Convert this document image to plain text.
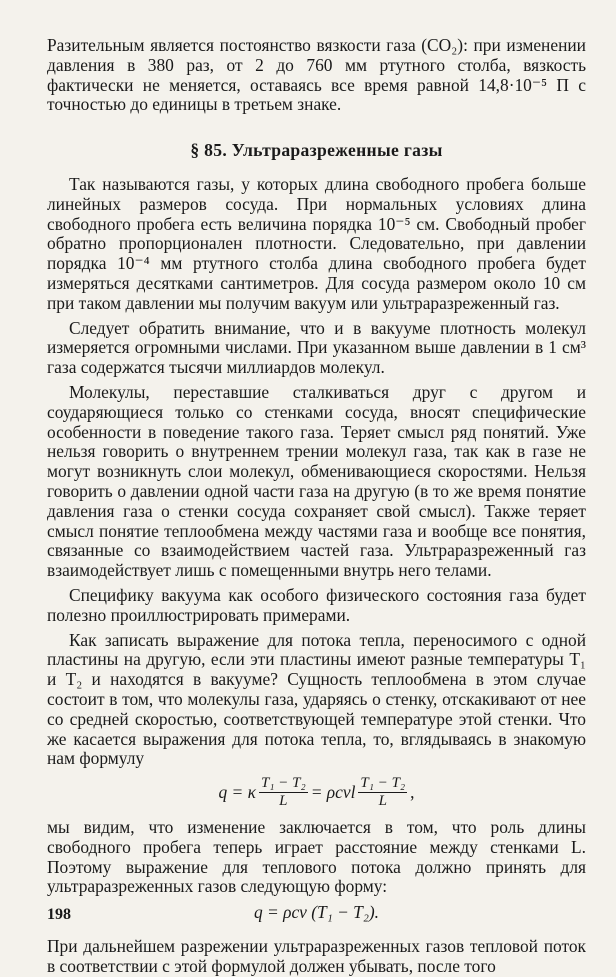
Разительным является постоянство вязкости газа (CO₂): при изменении давления в 380 раз, от 2 до 760 мм ртутного столба, вязкость фактически не меняется, оставаясь все время равной 14,8·10⁻⁵ П с точностью до единицы в третьем знаке.

§ 85. Ультраразреженные газы

Так называются газы, у которых длина свободного пробега больше линейных размеров сосуда. При нормальных условиях длина свободного пробега есть величина порядка 10⁻⁵ см. Свободный пробег обратно пропорционален плотности. Следовательно, при давлении порядка 10⁻⁴ мм ртутного столба длина свободного пробега будет измеряться десятками сантиметров. Для сосуда размером около 10 см при таком давлении мы получим вакуум или ультраразреженный газ.

Следует обратить внимание, что и в вакууме плотность молекул измеряется огромными числами. При указанном выше давлении в 1 см³ газа содержатся тысячи миллиардов молекул.

Молекулы, переставшие сталкиваться друг с другом и соударяющиеся только со стенками сосуда, вносят специфические особенности в поведение такого газа. Теряет смысл ряд понятий. Уже нельзя говорить о внутреннем трении молекул газа, так как в газе не могут возникнуть слои молекул, обменивающиеся скоростями. Нельзя говорить о давлении одной части газа на другую (в то же время понятие давления газа о стенки сосуда сохраняет свой смысл). Также теряет смысл понятие теплообмена между частями газа и вообще все понятия, связанные со взаимодействием частей газа. Ультраразреженный газ взаимодействует лишь с помещенными внутрь него телами.

Специфику вакуума как особого физического состояния газа будет полезно проиллюстрировать примерами.

Как записать выражение для потока тепла, переносимого с одной пластины на другую, если эти пластины имеют разные температуры T₁ и T₂ и находятся в вакууме? Сущность теплообмена в этом случае состоит в том, что молекулы газа, ударяясь о стенку, отскакивают от нее со средней скоростью, соответствующей температуре этой стенки. Что же касается выражения для потока тепла, то, вглядываясь в знакомую нам формулу

q = κ $\frac{\text{T₁ − T₂}}{L} = \rho cvl \frac{\text{T₁ − T₂}}{L}$ ,

мы видим, что изменение заключается в том, что роль длины свободного пробега теперь играет расстояние между стенками L. Поэтому выражение для теплового потока должно принять для ультраразреженных газов следующую форму:

q = ρcv (T₁ − T₂).

При дальнейшем разрежении ультраразреженных газов тепловой поток в соответствии с этой формулой должен убывать, после того

198
